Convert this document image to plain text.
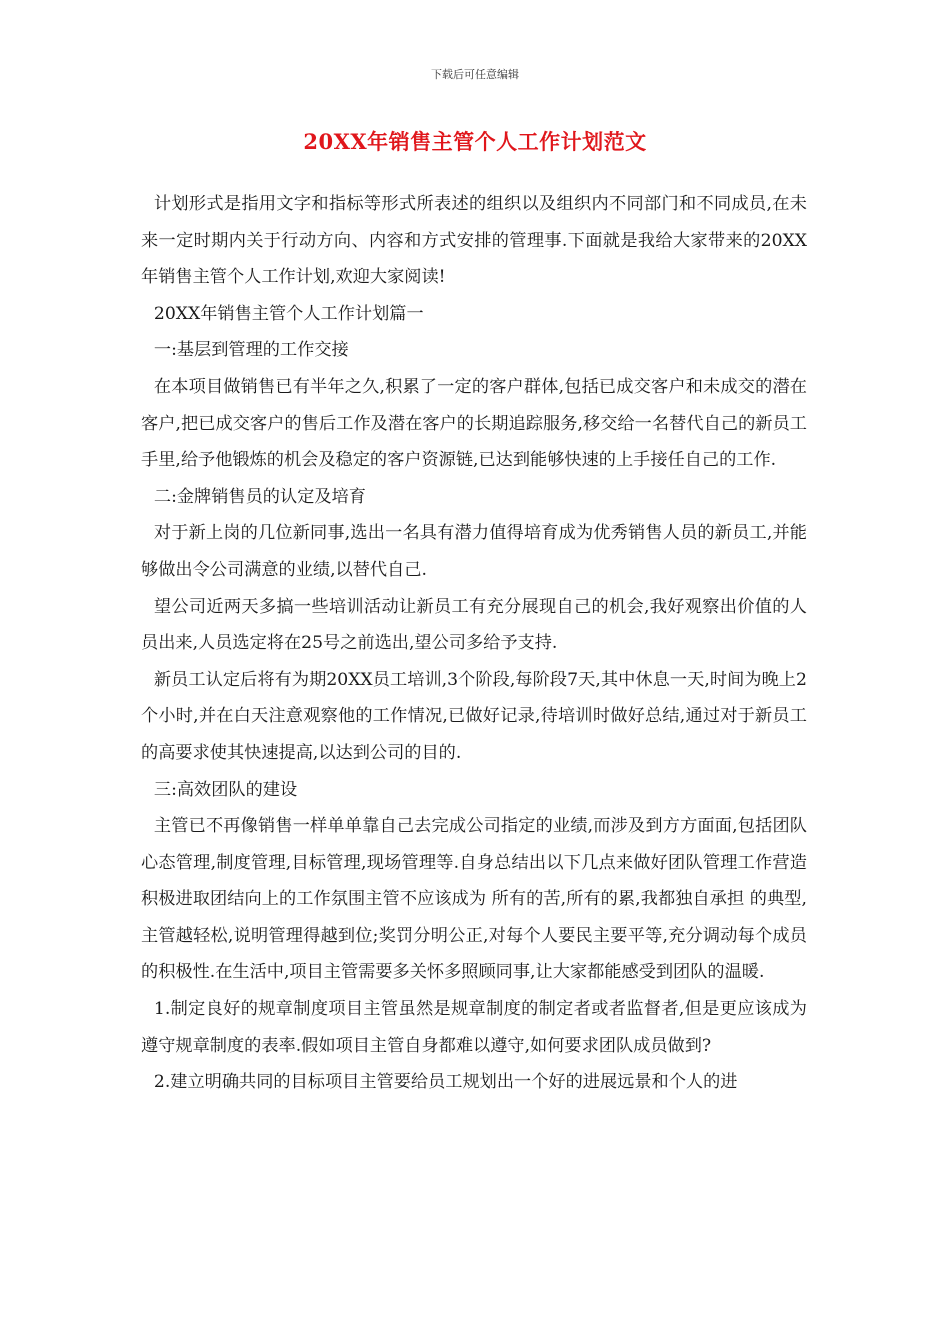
下载后可任意编辑
20XX年销售主管个人工作计划范文

计划形式是指用文字和指标等形式所表述的组织以及组织内不同部门和不同成员,在未来一定时期内关于行动方向、内容和方式安排的管理事.下面就是我给大家带来的20XX年销售主管个人工作计划,欢迎大家阅读!

20XX年销售主管个人工作计划篇一

一:基层到管理的工作交接

在本项目做销售已有半年之久,积累了一定的客户群体,包括已成交客户和未成交的潜在客户,把已成交客户的售后工作及潜在客户的长期追踪服务,移交给一名替代自己的新员工手里,给予他锻炼的机会及稳定的客户资源链,已达到能够快速的上手接任自己的工作.

二:金牌销售员的认定及培育

对于新上岗的几位新同事,选出一名具有潜力值得培育成为优秀销售人员的新员工,并能够做出令公司满意的业绩,以替代自己.

望公司近两天多搞一些培训活动让新员工有充分展现自己的机会,我好观察出价值的人员出来,人员选定将在25号之前选出,望公司多给予支持.

新员工认定后将有为期20XX员工培训,3个阶段,每阶段7天,其中休息一天,时间为晚上2个小时,并在白天注意观察他的工作情况,已做好记录,待培训时做好总结,通过对于新员工的高要求使其快速提高,以达到公司的目的.

三:高效团队的建设

主管已不再像销售一样单单靠自己去完成公司指定的业绩,而涉及到方方面面,包括团队心态管理,制度管理,目标管理,现场管理等.自身总结出以下几点来做好团队管理工作营造积极进取团结向上的工作氛围主管不应该成为 所有的苦,所有的累,我都独自承担 的典型,主管越轻松,说明管理得越到位;奖罚分明公正,对每个人要民主要平等,充分调动每个成员的积极性.在生活中,项目主管需要多关怀多照顾同事,让大家都能感受到团队的温暖.

1.制定良好的规章制度项目主管虽然是规章制度的制定者或者监督者,但是更应该成为遵守规章制度的表率.假如项目主管自身都难以遵守,如何要求团队成员做到?

2.建立明确共同的目标项目主管要给员工规划出一个好的进展远景和个人的进
